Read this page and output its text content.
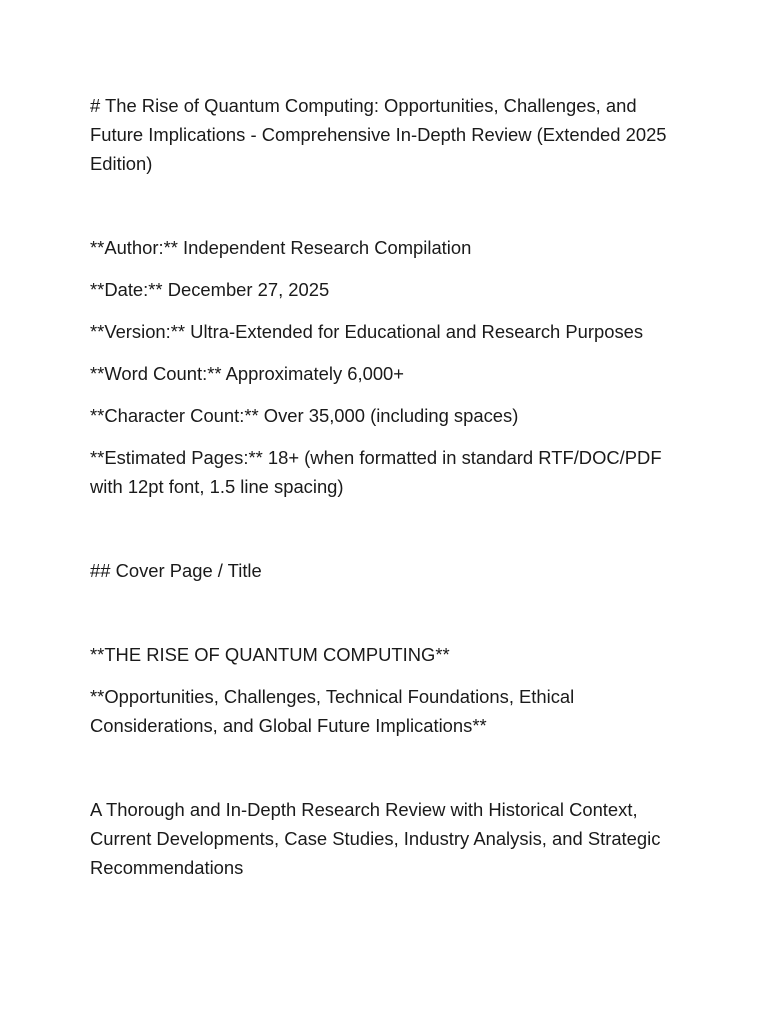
# The Rise of Quantum Computing: Opportunities, Challenges, and Future Implications - Comprehensive In-Depth Review (Extended 2025 Edition)

**Author:** Independent Research Compilation

**Date:** December 27, 2025

**Version:** Ultra-Extended for Educational and Research Purposes

**Word Count:** Approximately 6,000+

**Character Count:** Over 35,000 (including spaces)

**Estimated Pages:** 18+ (when formatted in standard RTF/DOC/PDF with 12pt font, 1.5 line spacing)

## Cover Page / Title

**THE RISE OF QUANTUM COMPUTING**

**Opportunities, Challenges, Technical Foundations, Ethical Considerations, and Global Future Implications**

A Thorough and In-Depth Research Review with Historical Context, Current Developments, Case Studies, Industry Analysis, and Strategic Recommendations
